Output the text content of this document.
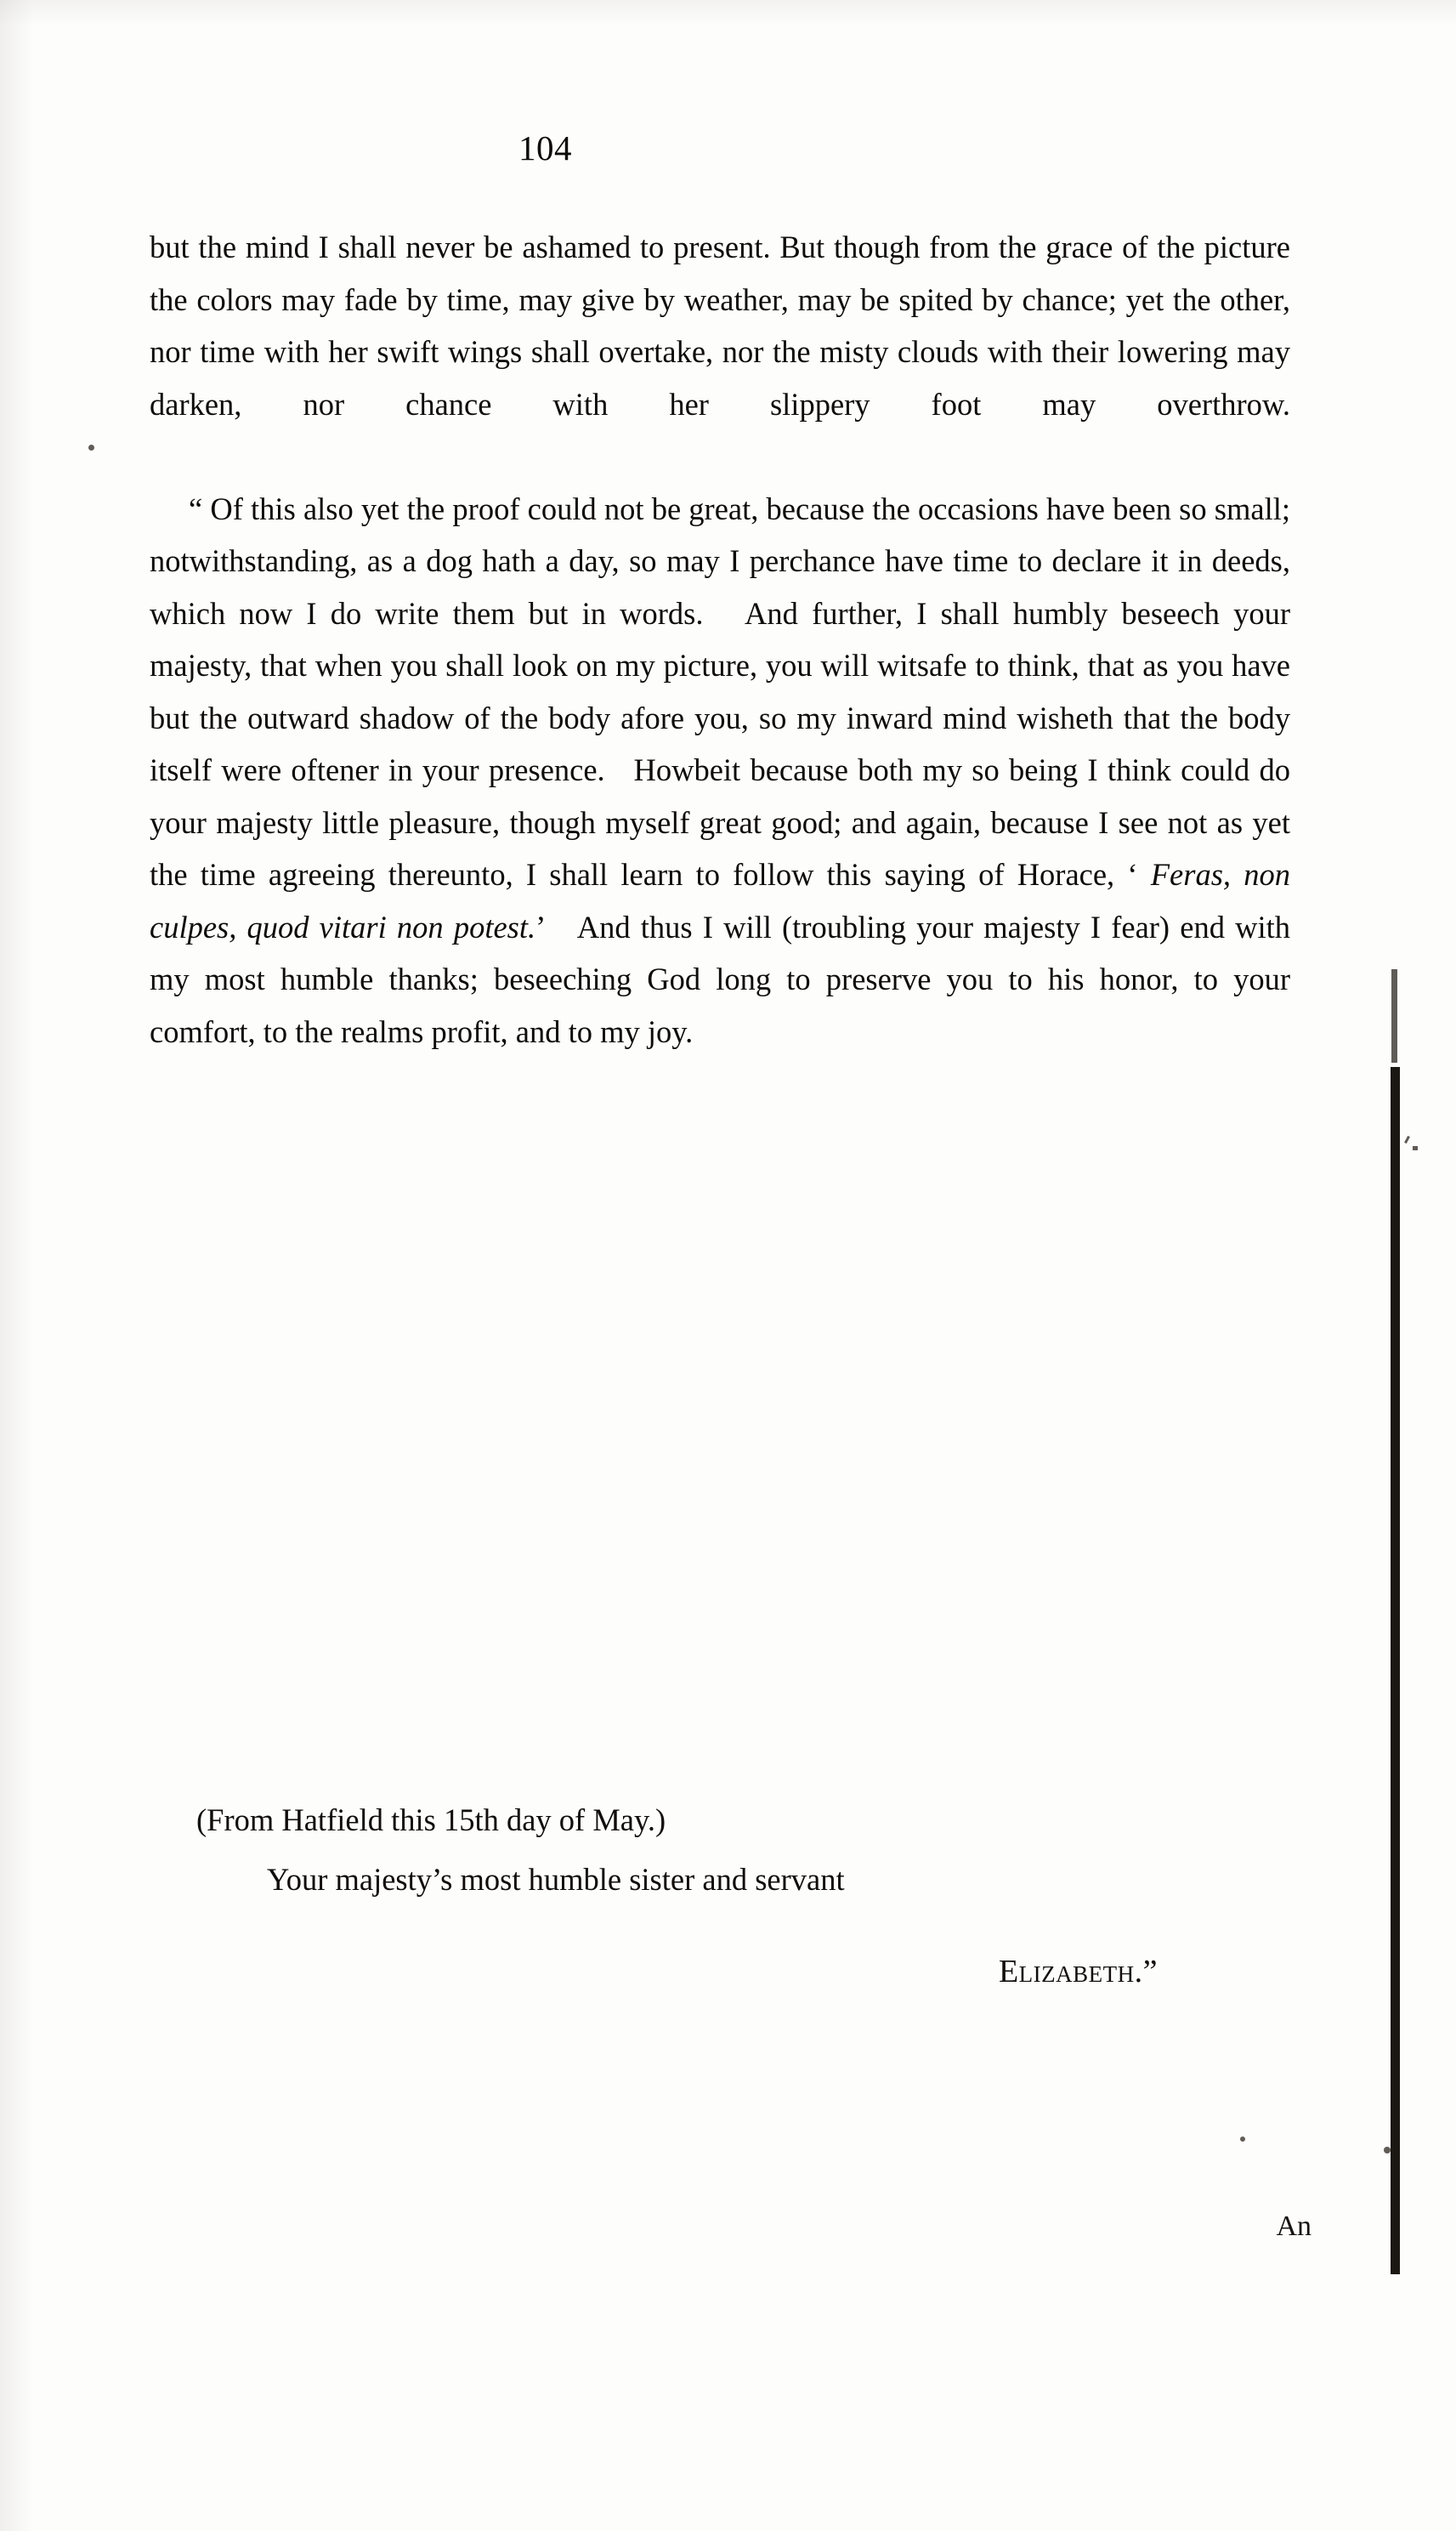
104

but the mind I shall never be ashamed to present. But though from the grace of the picture the colors may fade by time, may give by weather, may be spited by chance; yet the other, nor time with her swift wings shall overtake, nor the misty clouds with their lowering may darken, nor chance with her slippery foot may overthrow.

“ Of this also yet the proof could not be great, because the occasions have been so small; notwithstanding, as a dog hath a day, so may I perchance have time to declare it in deeds, which now I do write them but in words.   And further, I shall humbly beseech your majesty, that when you shall look on my picture, you will witsafe to think, that as you have but the outward shadow of the body afore you, so my inward mind wisheth that the body itself were oftener in your presence.   Howbeit because both my so being I think could do your majesty little pleasure, though myself great good; and again, because I see not as yet the time agreeing thereunto, I shall learn to follow this saying of Horace, ‘ Feras, non culpes, quod vitari non potest.’   And thus I will (troubling your majesty I fear) end with my most humble thanks; beseeching God long to preserve you to his honor, to your comfort, to the realms profit, and to my joy.

(From Hatfield this 15th day of May.)
Your majesty’s most humble sister and servant
Elizabeth.”
An
